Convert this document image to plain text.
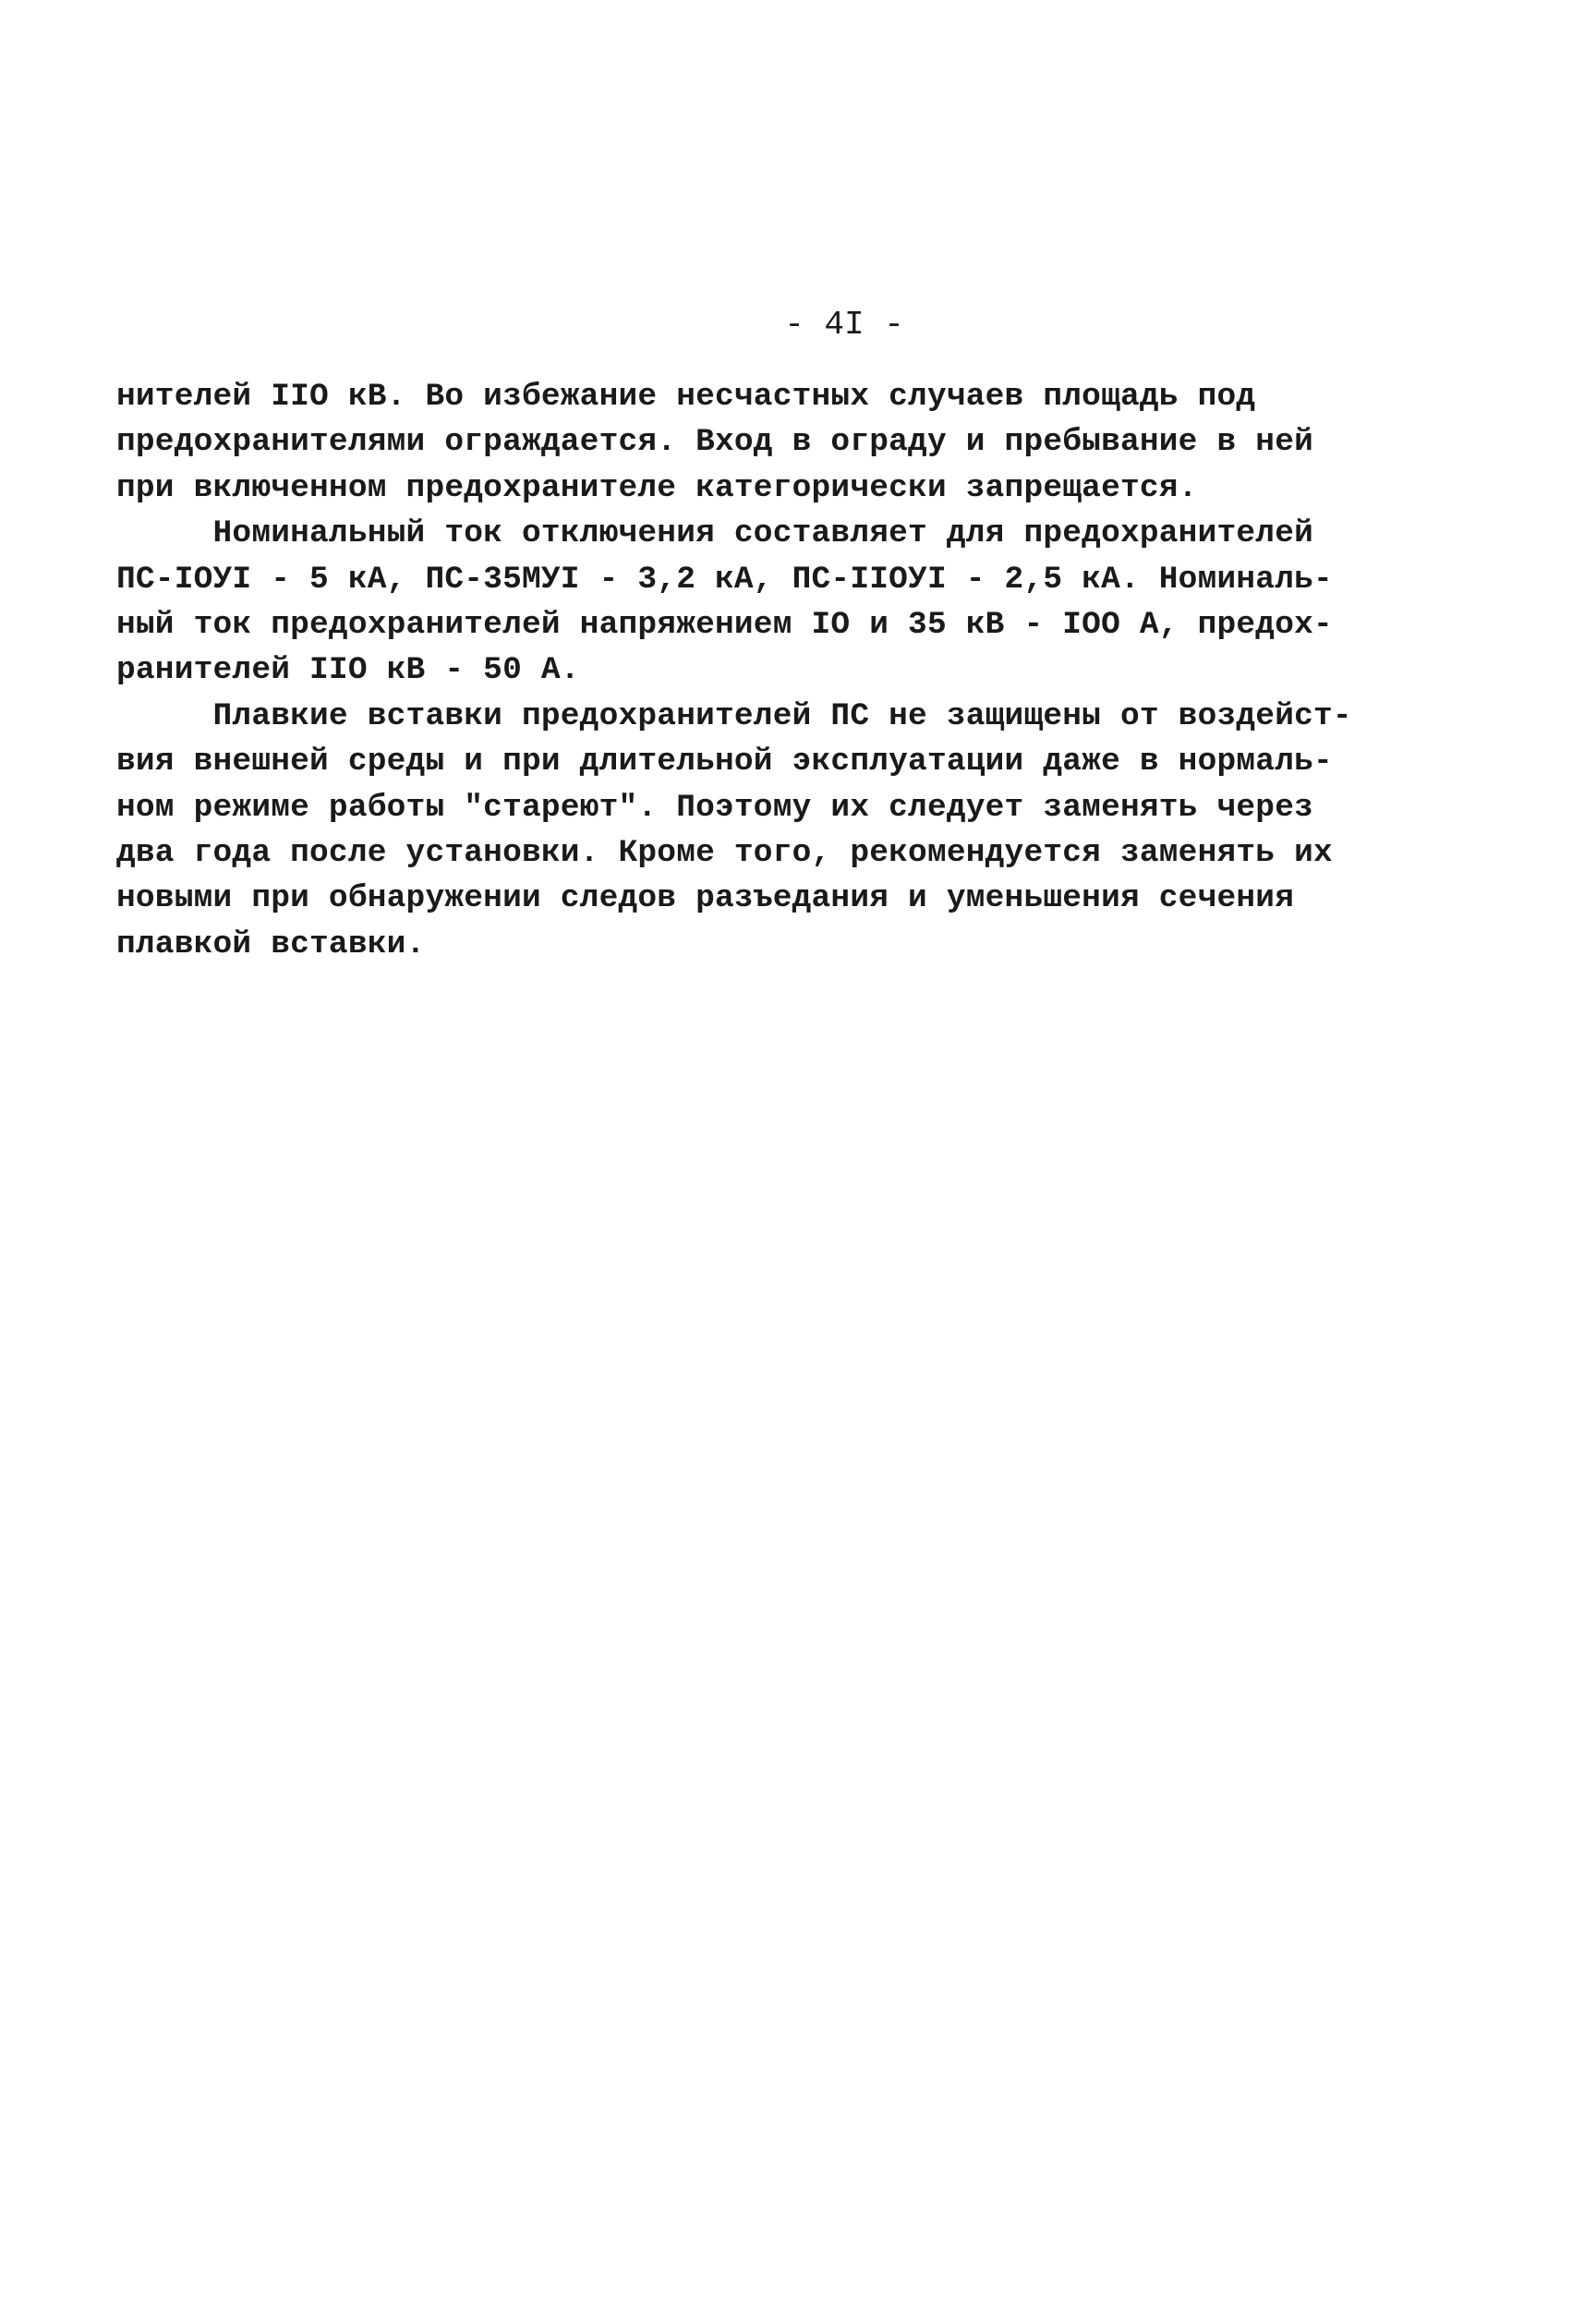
- 4I -
нителей IIO кВ. Во избежание несчастных случаев площадь под
предохранителями ограждается. Вход в ограду и пребывание в ней
при включенном предохранителе категорически запрещается.
Номинальный ток отключения составляет для предохранителей
ПС-IOУI - 5 кА, ПС-35МУI - 3,2 кА, ПС-IIOУI - 2,5 кА. Номиналь-
ный ток предохранителей напряжением IO и 35 кВ - IOO А, предох-
ранителей IIO кВ - 50 А.
Плавкие вставки предохранителей ПС не защищены от воздейст-
вия внешней среды и при длительной эксплуатации даже в нормаль-
ном режиме работы "стареют". Поэтому их следует заменять через
два года после установки. Кроме того, рекомендуется заменять их
новыми при обнаружении следов разъедания и уменьшения сечения
плавкой вставки.
